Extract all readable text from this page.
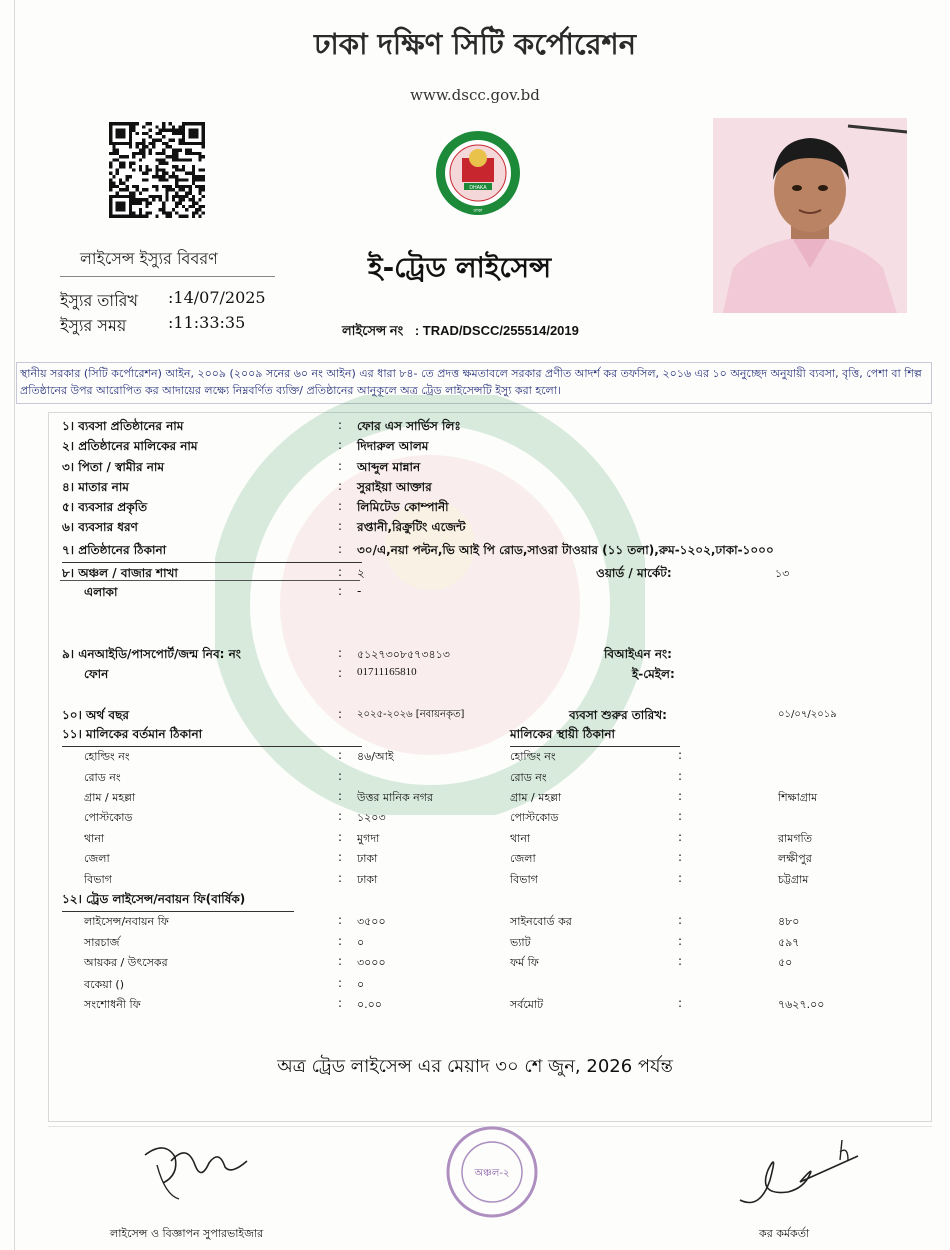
ঢাকা দক্ষিণ সিটি কর্পোরেশন
www.dscc.gov.bd
DHAKA
ঢাকা
লাইসেন্স ইস্যুর বিবরণ
ইস্যুর তারিখ	:14/07/2025
ইস্যুর সময়	:11:33:35
ই-ট্রেড লাইসেন্স
লাইসেন্স নং : TRAD/DSCC/255514/2019
স্থানীয় সরকার (সিটি কর্পোরেশন) আইন, ২০০৯ (২০০৯ সনের ৬০ নং আইন) এর ধারা ৮৪- তে প্রদত্ত ক্ষমতাবলে সরকার প্রণীত আদর্শ কর তফসিল, ২০১৬ এর ১০ অনুচ্ছেদ অনুযায়ী ব্যবসা, বৃত্তি, পেশা বা শিল্প প্রতিষ্ঠানের উপর আরোপিত কর আদায়ের লক্ষ্যে নিম্নবর্ণিত ব্যক্তি/ প্রতিষ্ঠানের আনুকূলে অত্র ট্রেড লাইসেন্সটি ইস্যু করা হলো।
১। ব্যবসা প্রতিষ্ঠানের নাম	: ফোর এস সার্ভিস লিঃ
২। প্রতিষ্ঠানের মালিকের নাম	: দিদারুল আলম
৩। পিতা / স্বামীর নাম	: আব্দুল মান্নান
৪। মাতার নাম	: সুরাইয়া আক্তার
৫। ব্যবসার প্রকৃতি	: লিমিটেড কোম্পানী
৬। ব্যবসার ধরণ	: রপ্তানী,রিক্রুটিং এজেন্ট
৭। প্রতিষ্ঠানের ঠিকানা	: ৩০/এ,নয়া পল্টন,ভি আই পি রোড,সাওরা টাওয়ার (১১ তলা),রুম-১২০২,ঢাকা-১০০০
৮। অঞ্চল / বাজার শাখা	: ২	ওয়ার্ড / মার্কেট:	১৩
এলাকা	: -
৯। এনআইডি/পাসপোর্ট/জন্ম নিব: নং	: ৫১২৭৩০৮৫৭৩৪১৩	বিআইএন নং:
ফোন	: 01711165810	ই-মেইল:
১০। অর্থ বছর	: ২০২৫-২০২৬ [নবায়নকৃত]	ব্যবসা শুরুর তারিখ:	০১/০৭/২০১৯
১১। মালিকের বর্তমান ঠিকানা	মালিকের স্থায়ী ঠিকানা
হোল্ডিং নং	: ৪৬/আই	হোল্ডিং নং	:
রোড নং	:	রোড নং	:
গ্রাম / মহল্লা	: উত্তর মানিক নগর	গ্রাম / মহল্লা	:	শিক্ষাগ্রাম
পোস্টকোড	: ১২০৩	পোস্টকোড	:
থানা	: মুগদা	থানা	:	রামগতি
জেলা	: ঢাকা	জেলা	:	লক্ষীপুর
বিভাগ	: ঢাকা	বিভাগ	:	চট্টগ্রাম
১২। ট্রেড লাইসেন্স/নবায়ন ফি(বার্ষিক)
লাইসেন্স/নবায়ন ফি	: ৩৫০০	সাইনবোর্ড কর	:	৪৮০
সারচার্জ	: ০	ভ্যাট	:	৫৯৭
আয়কর / উৎসেকর	: ৩০০০	ফর্ম ফি	:	৫০
বকেয়া ()	: ০
সংশোধনী ফি	: ০.০০	সর্বমোট	:	৭৬২৭.০০
অত্র ট্রেড লাইসেন্স এর মেয়াদ ৩০ শে জুন, 2026 পর্যন্ত
অঞ্চল-২
লাইসেন্স ও বিজ্ঞাপন সুপারভাইজার	কর কর্মকর্তা
